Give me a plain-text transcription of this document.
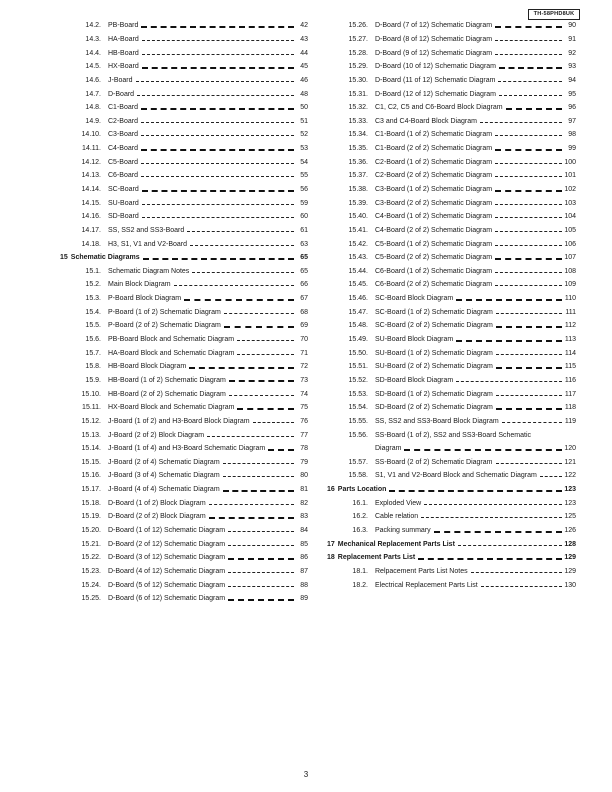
TH-58PHD8UK
14.2. PB-Board	42
14.3. HA-Board	43
14.4. HB-Board	44
14.5. HX-Board	45
14.6. J-Board	46
14.7. D-Board	48
14.8. C1-Board	50
14.9. C2-Board	51
14.10. C3-Board	52
14.11. C4-Board	53
14.12. C5-Board	54
14.13. C6-Board	55
14.14. SC-Board	56
14.15. SU-Board	59
14.16. SD-Board	60
14.17. SS, SS2 and SS3-Board	61
14.18. H3, S1, V1 and V2-Board	63
15 Schematic Diagrams	65
15.1. Schematic Diagram Notes	65
15.2. Main Block Diagram	66
15.3. P-Board Block Diagram	67
15.4. P-Board (1 of 2) Schematic Diagram	68
15.5. P-Board (2 of 2) Schematic Diagram	69
15.6. PB-Board Block and Schematic Diagram	70
15.7. HA-Board Block and Schematic Diagram	71
15.8. HB-Board Block Diagram	72
15.9. HB-Board (1 of 2) Schematic Diagram	73
15.10. HB-Board (2 of 2) Schematic Diagram	74
15.11. HX-Board Block and Schematic Diagram	75
15.12. J-Board (1 of 2) and H3-Board Block Diagram	76
15.13. J-Board (2 of 2) Block Diagram	77
15.14. J-Board (1 of 4) and H3-Board Schematic Diagram	78
15.15. J-Board (2 of 4) Schematic Diagram	79
15.16. J-Board (3 of 4) Schematic Diagram	80
15.17. J-Board (4 of 4) Schematic Diagram	81
15.18. D-Board (1 of 2) Block Diagram	82
15.19. D-Board (2 of 2) Block Diagram	83
15.20. D-Board (1 of 12) Schematic Diagram	84
15.21. D-Board (2 of 12) Schematic Diagram	85
15.22. D-Board (3 of 12) Schematic Diagram	86
15.23. D-Board (4 of 12) Schematic Diagram	87
15.24. D-Board (5 of 12) Schematic Diagram	88
15.25. D-Board (6 of 12) Schematic Diagram	89
15.26. D-Board (7 of 12) Schematic Diagram	90
15.27. D-Board (8 of 12) Schematic Diagram	91
15.28. D-Board (9 of 12) Schematic Diagram	92
15.29. D-Board (10 of 12) Schematic Diagram	93
15.30. D-Board (11 of 12) Schematic Diagram	94
15.31. D-Board (12 of 12) Schematic Diagram	95
15.32. C1, C2, C5 and C6-Board Block Diagram	96
15.33. C3 and C4-Board Block Diagram	97
15.34. C1-Board (1 of 2) Schematic Diagram	98
15.35. C1-Board (2 of 2) Schematic Diagram	99
15.36. C2-Board (1 of 2) Schematic Diagram	100
15.37. C2-Board (2 of 2) Schematic Diagram	101
15.38. C3-Board (1 of 2) Schematic Diagram	102
15.39. C3-Board (2 of 2) Schematic Diagram	103
15.40. C4-Board (1 of 2) Schematic Diagram	104
15.41. C4-Board (2 of 2) Schematic Diagram	105
15.42. C5-Board (1 of 2) Schematic Diagram	106
15.43. C5-Board (2 of 2) Schematic Diagram	107
15.44. C6-Board (1 of 2) Schematic Diagram	108
15.45. C6-Board (2 of 2) Schematic Diagram	109
15.46. SC-Board Block Diagram	110
15.47. SC-Board (1 of 2) Schematic Diagram	111
15.48. SC-Board (2 of 2) Schematic Diagram	112
15.49. SU-Board Block Diagram	113
15.50. SU-Board (1 of 2) Schematic Diagram	114
15.51. SU-Board (2 of 2) Schematic Diagram	115
15.52. SD-Board Block Diagram	116
15.53. SD-Board (1 of 2) Schematic Diagram	117
15.54. SD-Board (2 of 2) Schematic Diagram	118
15.55. SS, SS2 and SS3-Board Block Diagram	119
15.56. SS-Board (1 of 2), SS2 and SS3-Board Schematic
Diagram	120
15.57. SS-Board (2 of 2) Schematic Diagram	121
15.58. S1, V1 and V2-Board Block and Schematic Diagram	122
16 Parts Location	123
16.1. Exploded View	123
16.2. Cable relation	125
16.3. Packing summary	126
17 Mechanical Replacement Parts List	128
18 Replacement Parts List	129
18.1. Relpacement Parts List Notes	129
18.2. Electrical Replacement Parts List	130
3
